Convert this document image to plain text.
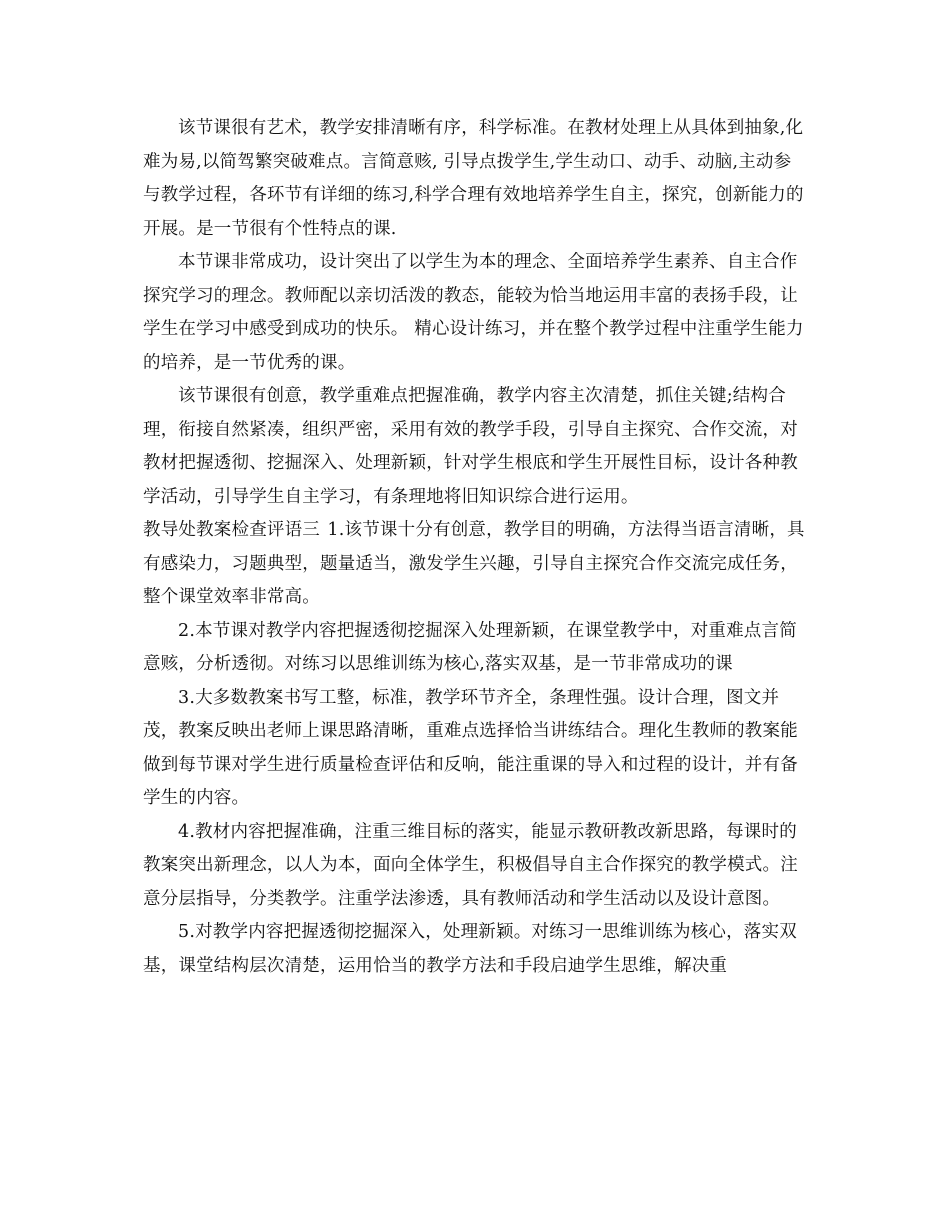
该节课很有艺术，教学安排清晰有序，科学标准。在教材处理上从具体到抽象,化难为易,以简驾繁突破难点。言简意赅, 引导点拨学生,学生动口、动手、动脑,主动参与教学过程，各环节有详细的练习,科学合理有效地培养学生自主，探究，创新能力的开展。是一节很有个性特点的课.

本节课非常成功，设计突出了以学生为本的理念、全面培养学生素养、自主合作探究学习的理念。教师配以亲切活泼的教态，能较为恰当地运用丰富的表扬手段，让学生在学习中感受到成功的快乐。 精心设计练习，并在整个教学过程中注重学生能力的培养，是一节优秀的课。

该节课很有创意，教学重难点把握准确，教学内容主次清楚，抓住关键;结构合理，衔接自然紧凑，组织严密，采用有效的教学手段，引导自主探究、合作交流，对教材把握透彻、挖掘深入、处理新颖，针对学生根底和学生开展性目标，设计各种教学活动，引导学生自主学习，有条理地将旧知识综合进行运用。

教导处教案检查评语三	1.该节课十分有创意，教学目的明确，方法得当语言清晰，具有感染力，习题典型，题量适当，激发学生兴趣，引导自主探究合作交流完成任务，整个课堂效率非常高。

2.本节课对教学内容把握透彻挖掘深入处理新颖，在课堂教学中，对重难点言简意赅，分析透彻。对练习以思维训练为核心,落实双基，是一节非常成功的课

3.大多数教案书写工整，标准，教学环节齐全，条理性强。设计合理，图文并茂，教案反映出老师上课思路清晰，重难点选择恰当讲练结合。理化生教师的教案能做到每节课对学生进行质量检查评估和反响，能注重课的导入和过程的设计，并有备学生的内容。

4.教材内容把握准确，注重三维目标的落实，能显示教研教改新思路，每课时的教案突出新理念，以人为本，面向全体学生，积极倡导自主合作探究的教学模式。注意分层指导，分类教学。注重学法渗透，具有教师活动和学生活动以及设计意图。

5.对教学内容把握透彻挖掘深入，处理新颖。对练习一思维训练为核心，落实双基，课堂结构层次清楚，运用恰当的教学方法和手段启迪学生思维，解决重
